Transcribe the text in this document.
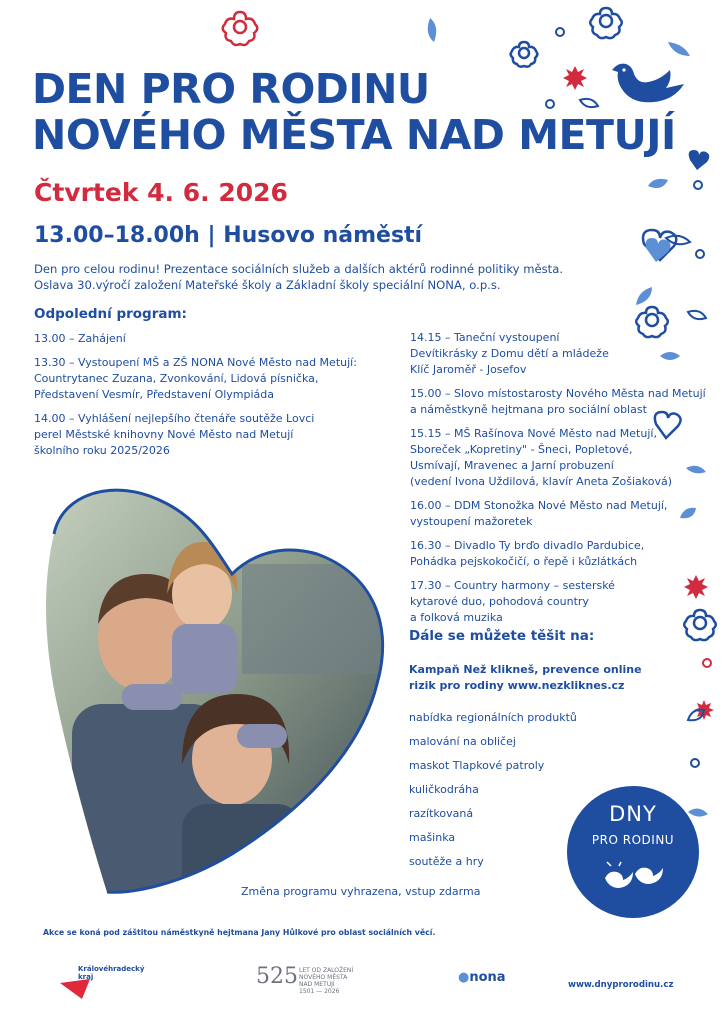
DEN PRO RODINU
NOVÉHO MĚSTA NAD METUJÍ
Čtvrtek 4. 6. 2026
13.00–18.00h | Husovo náměstí
Den pro celou rodinu! Prezentace sociálních služeb a dalších aktérů rodinné politiky města.
Oslava 30.výročí založení Mateřské školy a Základní školy speciální NONA, o.p.s.
Odpolední program:
13.00 – Zahájení
13.30 – Vystoupení MŠ a ZŠ NONA Nové Město nad Metují:
Countrytanec Zuzana, Zvonkování, Lidová písnička,
Představení Vesmír, Představení Olympiáda
14.00 – Vyhlášení nejlepšího čtenáře soutěže Lovci
perel Městské knihovny Nové Město nad Metují
školního roku 2025/2026
14.15 – Taneční vystoupení
Devítikrásky z Domu dětí a mládeže
Klíč Jaroměř - Josefov
15.00 – Slovo místostarosty Nového Města nad Metují
a náměstkyně hejtmana pro sociální oblast
15.15 – MŠ Rašínova Nové Město nad Metují,
Sboreček „Kopretiny" - Šneci, Popletové,
Usmívají, Mravenec a Jarní probuzení
(vedení Ivona Uždilová, klavír Aneta Zošiaková)
16.00 – DDM Stonožka Nové Město nad Metují,
vystoupení mažoretek
16.30 – Divadlo Ty brďo divadlo Pardubice,
Pohádka pejskokočičí, o řepě i kůzlátkách
17.30 – Country harmony – sesterské
kytarové duo, pohodová country
a folková muzika
Dále se můžete těšit na:
Kampaň Než klikneš, prevence online
rizik pro rodiny www.nezkliknes.cz
nabídka regionálních produktů
malování na obličej
maskot Tlapkové patroly
kuličkodráha
razítkovaná
mašinka
soutěže a hry
Změna programu vyhrazena, vstup zdarma
Akce se koná pod záštitou náměstkyně hejtmana Jany Hůlkové pro oblast sociálních věcí.
DNY
PRO RODINU
Královéhradecký
kraj	525 LET OD ZALOŽENÍ
NOVÉHO MĚSTA
NAD METUJÍ
1501 — 2026
●nona	www.dnyprorodinu.cz
